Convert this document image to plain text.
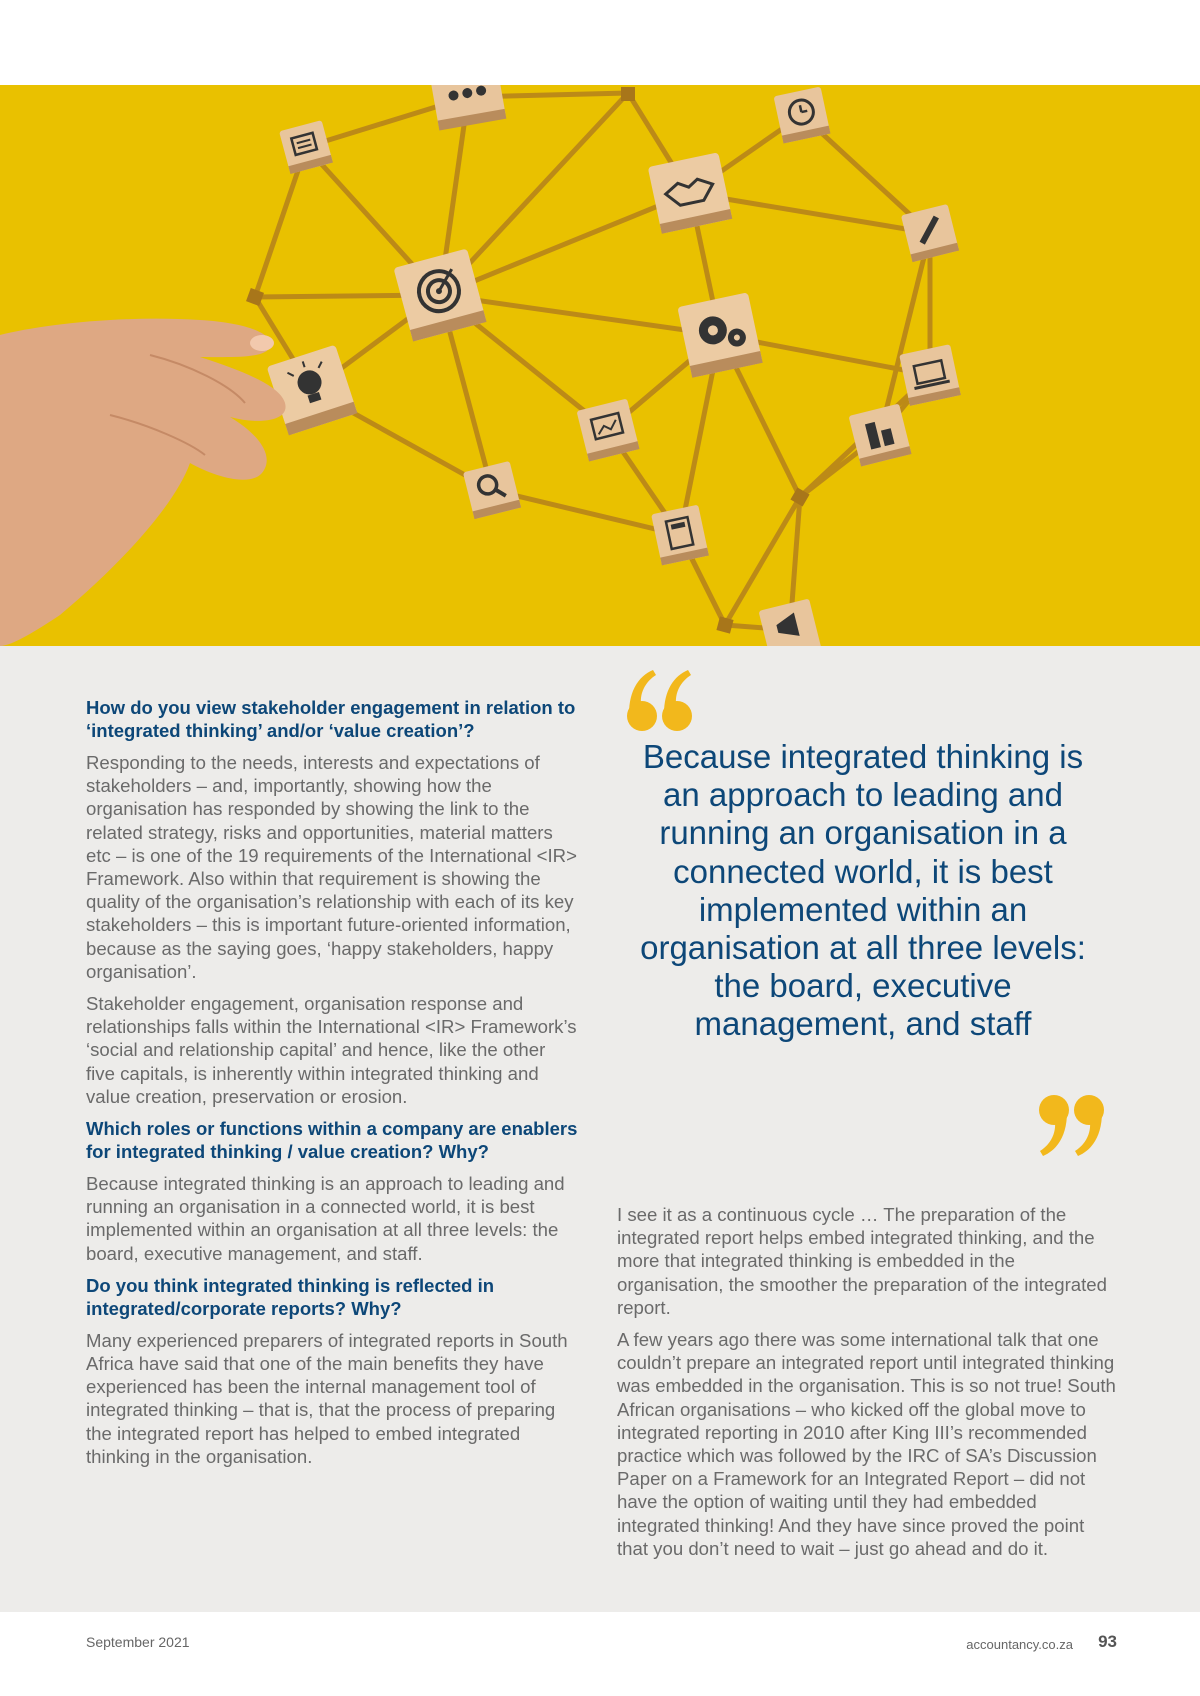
How do you view stakeholder engagement in relation to ‘integrated thinking’ and/or ‘value creation’?

Responding to the needs, interests and expectations of stakeholders – and, importantly, showing how the organisation has responded by showing the link to the related strategy, risks and opportunities, material matters etc – is one of the 19 requirements of the International <IR> Framework. Also within that requirement is showing the quality of the organisation’s relationship with each of its key stakeholders – this is important future-oriented information, because as the saying goes, ‘happy stakeholders, happy organisation’.

Stakeholder engagement, organisation response and relationships falls within the International <IR> Framework’s ‘social and relationship capital’ and hence, like the other five capitals, is inherently within integrated thinking and value creation, preservation or erosion.

Which roles or functions within a company are enablers for integrated thinking / value creation? Why?

Because integrated thinking is an approach to leading and running an organisation in a connected world, it is best implemented within an organisation at all three levels: the board, executive management, and staff.

Do you think integrated thinking is reflected in integrated/corporate reports? Why?

Many experienced preparers of integrated reports in South Africa have said that one of the main benefits they have experienced has been the internal management tool of integrated thinking – that is, that the process of preparing the integrated report has helped to embed integrated thinking in the organisation.

Because integrated thinking is an approach to leading and running an organisation in a connected world, it is best implemented within an organisation at all three levels: the board, executive management, and staff

I see it as a continuous cycle … The preparation of the integrated report helps embed integrated thinking, and the more that integrated thinking is embedded in the organisation, the smoother the preparation of the integrated report.

A few years ago there was some international talk that one couldn’t prepare an integrated report until integrated thinking was embedded in the organisation. This is so not true! South African organisations – who kicked off the global move to integrated reporting in 2010 after King III’s recommended practice which was followed by the IRC of SA’s Discussion Paper on a Framework for an Integrated Report – did not have the option of waiting until they had embedded integrated thinking! And they have since proved the point that you don’t need to wait – just go ahead and do it.

September 2021	accountancy.co.za 93
